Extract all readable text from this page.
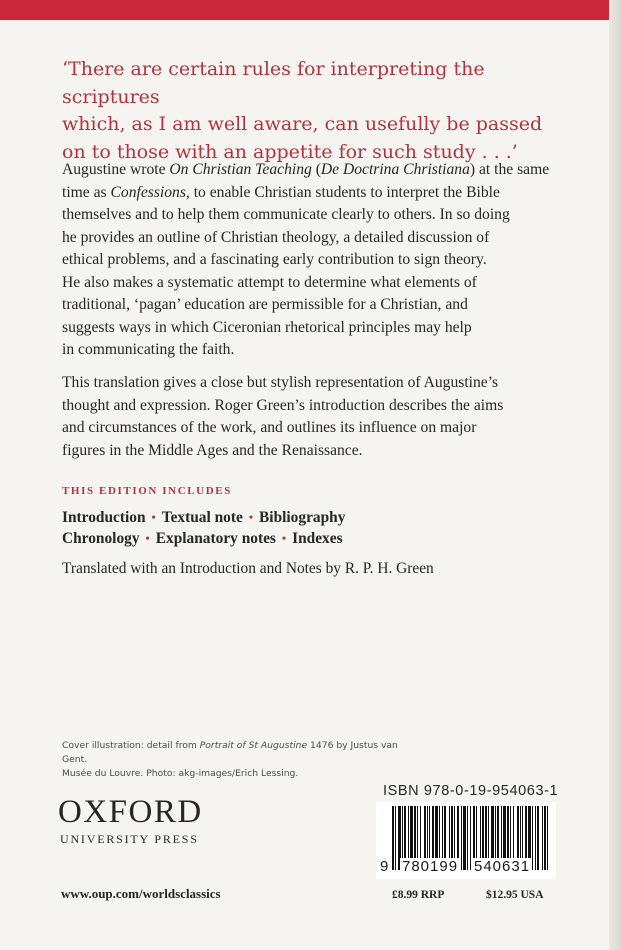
‘There are certain rules for interpreting the scriptures
which, as I am well aware, can usefully be passed
on to those with an appetite for such study . . .’

Augustine wrote On Christian Teaching (De Doctrina Christiana) at the same
time as Confessions, to enable Christian students to interpret the Bible
themselves and to help them communicate clearly to others. In so doing
he provides an outline of Christian theology, a detailed discussion of
ethical problems, and a fascinating early contribution to sign theory.
He also makes a systematic attempt to determine what elements of
traditional, ‘pagan’ education are permissible for a Christian, and
suggests ways in which Ciceronian rhetorical principles may help
in communicating the faith.

This translation gives a close but stylish representation of Augustine’s
thought and expression. Roger Green’s introduction describes the aims
and circumstances of the work, and outlines its influence on major
figures in the Middle Ages and the Renaissance.

THIS EDITION INCLUDES
Introduction • Textual note • Bibliography
Chronology • Explanatory notes • Indexes
Translated with an Introduction and Notes by R. P. H. Green
Cover illustration: detail from Portrait of St Augustine 1476 by Justus van Gent.
Musée du Louvre. Photo: akg-images/Erich Lessing.
OXFORD
UNIVERSITY PRESS
www.oup.com/worldsclassics
ISBN 978-0-19-954063-1
9 780199 540631
£8.99 RRP	$12.95 USA
